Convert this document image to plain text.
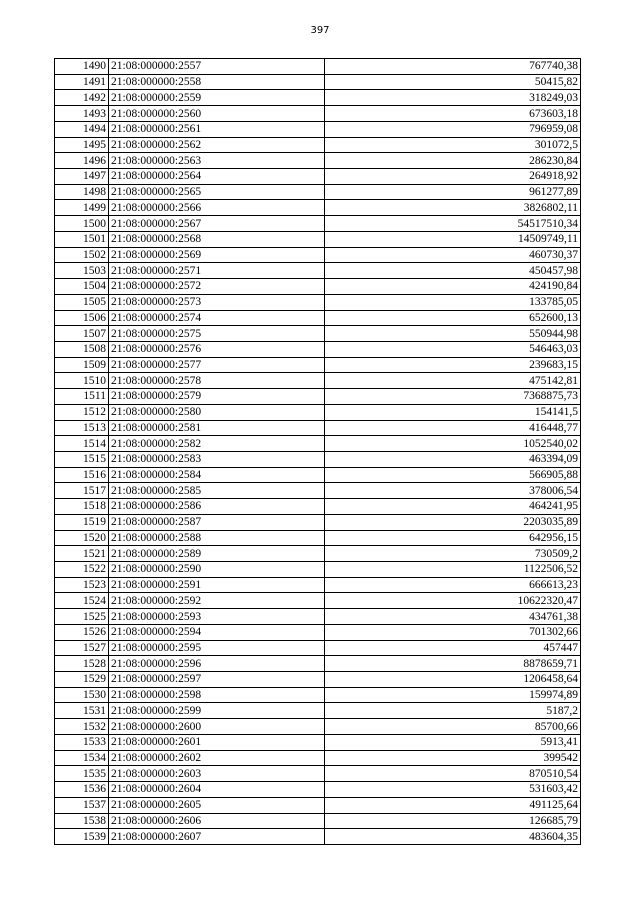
397
1490	21:08:000000:2557	767740,38
1491	21:08:000000:2558	50415,82
1492	21:08:000000:2559	318249,03
1493	21:08:000000:2560	673603,18
1494	21:08:000000:2561	796959,08
1495	21:08:000000:2562	301072,5
1496	21:08:000000:2563	286230,84
1497	21:08:000000:2564	264918,92
1498	21:08:000000:2565	961277,89
1499	21:08:000000:2566	3826802,11
1500	21:08:000000:2567	54517510,34
1501	21:08:000000:2568	14509749,11
1502	21:08:000000:2569	460730,37
1503	21:08:000000:2571	450457,98
1504	21:08:000000:2572	424190,84
1505	21:08:000000:2573	133785,05
1506	21:08:000000:2574	652600,13
1507	21:08:000000:2575	550944,98
1508	21:08:000000:2576	546463,03
1509	21:08:000000:2577	239683,15
1510	21:08:000000:2578	475142,81
1511	21:08:000000:2579	7368875,73
1512	21:08:000000:2580	154141,5
1513	21:08:000000:2581	416448,77
1514	21:08:000000:2582	1052540,02
1515	21:08:000000:2583	463394,09
1516	21:08:000000:2584	566905,88
1517	21:08:000000:2585	378006,54
1518	21:08:000000:2586	464241,95
1519	21:08:000000:2587	2203035,89
1520	21:08:000000:2588	642956,15
1521	21:08:000000:2589	730509,2
1522	21:08:000000:2590	1122506,52
1523	21:08:000000:2591	666613,23
1524	21:08:000000:2592	10622320,47
1525	21:08:000000:2593	434761,38
1526	21:08:000000:2594	701302,66
1527	21:08:000000:2595	457447
1528	21:08:000000:2596	8878659,71
1529	21:08:000000:2597	1206458,64
1530	21:08:000000:2598	159974,89
1531	21:08:000000:2599	5187,2
1532	21:08:000000:2600	85700,66
1533	21:08:000000:2601	5913,41
1534	21:08:000000:2602	399542
1535	21:08:000000:2603	870510,54
1536	21:08:000000:2604	531603,42
1537	21:08:000000:2605	491125,64
1538	21:08:000000:2606	126685,79
1539	21:08:000000:2607	483604,35
